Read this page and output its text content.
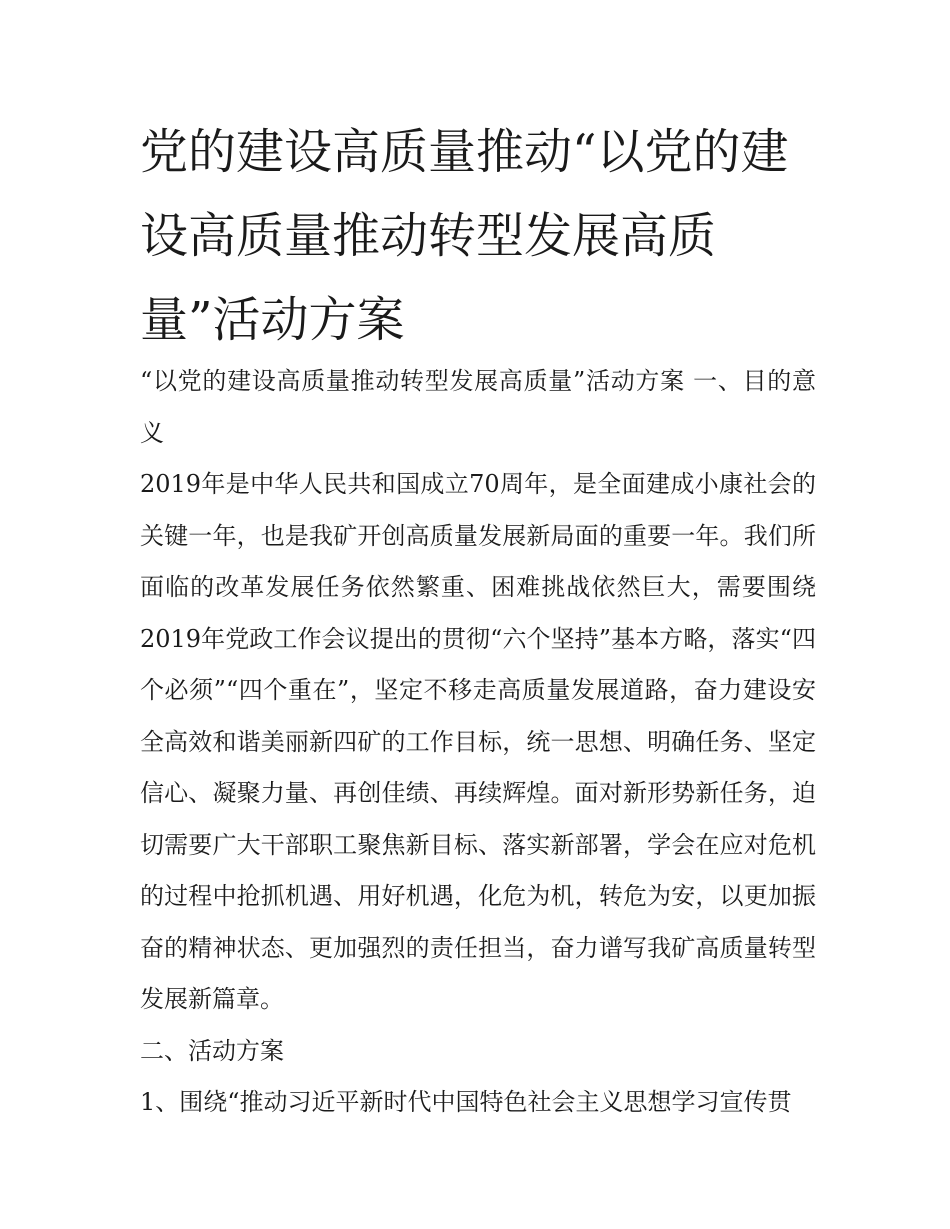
党的建设高质量推动“以党的建设高质量推动转型发展高质量”活动方案

“以党的建设高质量推动转型发展高质量”活动方案 一、目的意义

2019年是中华人民共和国成立70周年，是全面建成小康社会的关键一年，也是我矿开创高质量发展新局面的重要一年。我们所面临的改革发展任务依然繁重、困难挑战依然巨大，需要围绕2019年党政工作会议提出的贯彻“六个坚持”基本方略，落实“四个必须”“四个重在”，坚定不移走高质量发展道路，奋力建设安全高效和谐美丽新四矿的工作目标，统一思想、明确任务、坚定信心、凝聚力量、再创佳绩、再续辉煌。面对新形势新任务，迫切需要广大干部职工聚焦新目标、落实新部署，学会在应对危机的过程中抢抓机遇、用好机遇，化危为机，转危为安，以更加振奋的精神状态、更加强烈的责任担当，奋力谱写我矿高质量转型发展新篇章。

二、活动方案

1、围绕“推动习近平新时代中国特色社会主义思想学习宣传贯
